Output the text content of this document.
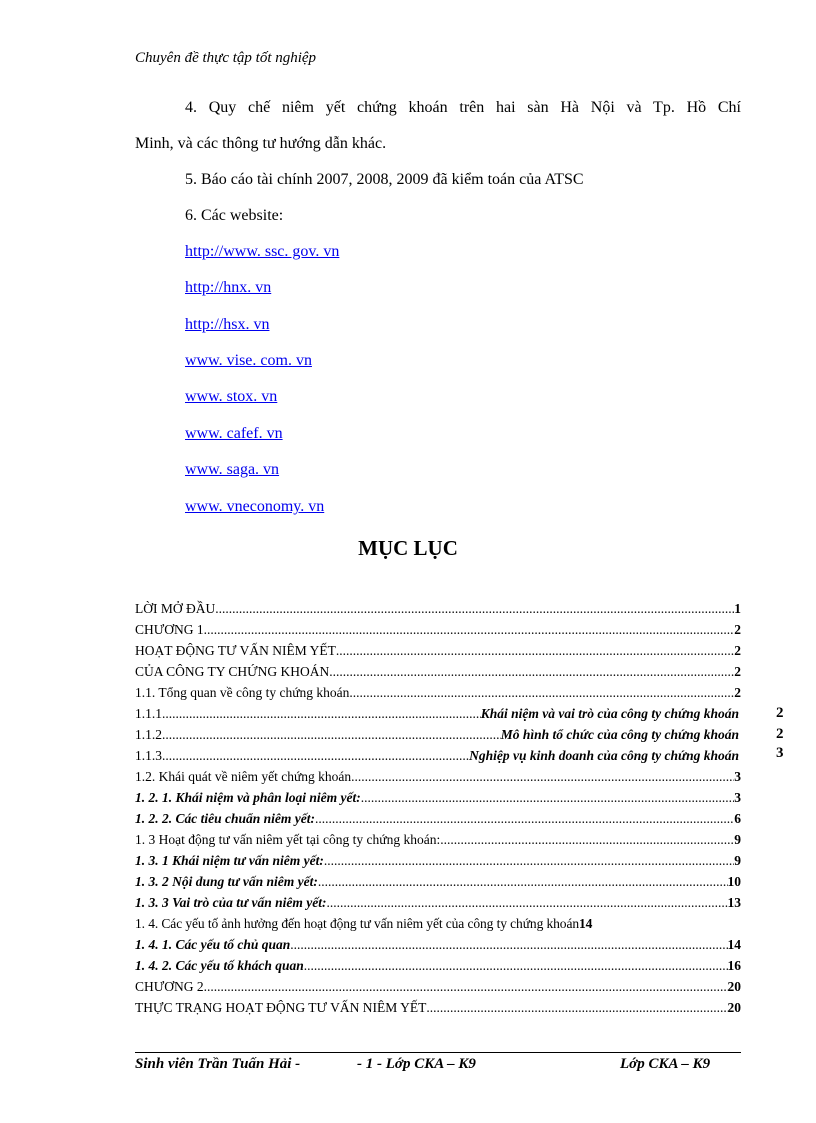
Chuyên đề thực tập tốt nghiệp
4. Quy chế niêm yết chứng khoán trên hai sàn Hà Nội và Tp. Hồ Chí
Minh, và các thông tư hướng dẫn khác.
5. Báo cáo tài chính 2007, 2008, 2009 đã kiểm toán của ATSC
6. Các website:
http://www. ssc. gov. vn
http://hnx. vn
http://hsx. vn
www. vise. com. vn
www. stox. vn
www. cafef. vn
www. saga. vn
www. vneconomy. vn
MỤC LỤC
LỜI MỞ ĐẦU .....	1
CHƯƠNG 1 .....	2
HOẠT ĐỘNG TƯ VẤN NIÊM YẾT .....	2
CỦA CÔNG TY CHỨNG KHOÁN .....	2
1.1. Tổng quan về công ty chứng khoán .....	2
1.1.1. .....	Khái niệm và vai trò của công ty chứng khoán 2
1.1.2. .....	Mô hình tổ chức của công ty chứng khoán 2
1.1.3. .....	Nghiệp vụ kinh doanh của công ty chứng khoán 3
1.2. Khái quát về niêm yết chứng khoán .....	3
1. 2. 1. Khái niệm và phân loại niêm yết: .....	3
1. 2. 2. Các tiêu chuẩn niêm yết: .....	6
1. 3 Hoạt động tư vấn niêm yết tại công ty chứng khoán: .....	9
1. 3. 1 Khái niệm tư vấn niêm yết: .....	9
1. 3. 2 Nội dung tư vấn niêm yết: .....	10
1. 3. 3 Vai trò của tư vấn niêm yết: .....	13
1. 4. Các yếu tố ảnh hưởng đến hoạt động tư vấn niêm yết của công ty chứng khoán 14
1. 4. 1. Các yếu tố chủ quan .....	14
1. 4. 2. Các yếu tố khách quan .....	16
CHƯƠNG 2 .....	20
THỰC TRẠNG HOẠT ĐỘNG TƯ VẤN NIÊM YẾT .....	20
Sinh viên Trần Tuấn Hải -	- 1 - Lớp CKA – K9	Lớp CKA – K9
